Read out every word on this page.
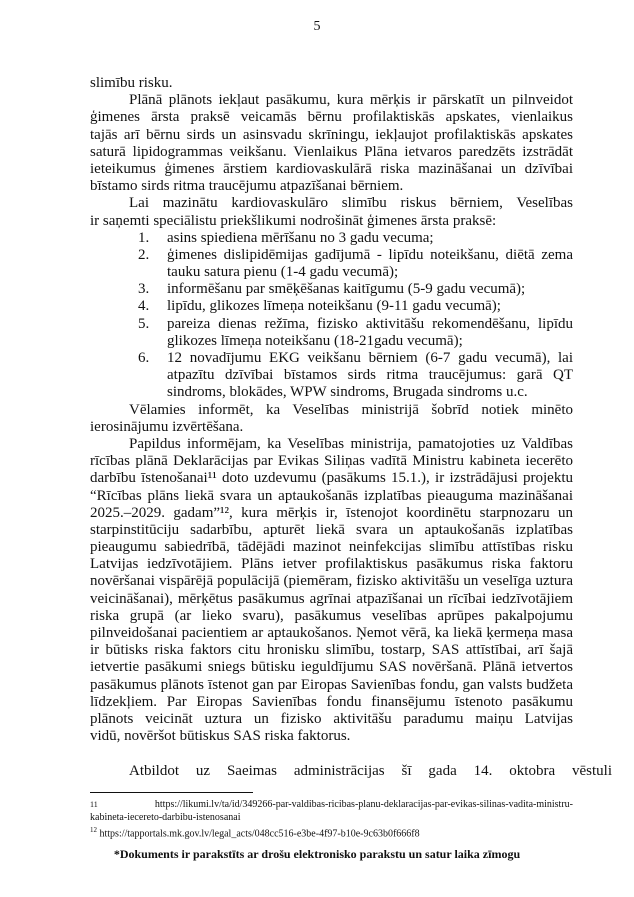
5
slimību risku.
Plānā plānots iekļaut pasākumu, kura mērķis ir pārskatīt un pilnveidot
ģimenes ārsta praksē veicamās bērnu profilaktiskās apskates, vienlaikus
tajās arī bērnu sirds un asinsvadu skrīningu, iekļaujot profilaktiskās apskates
saturā lipidogrammas veikšanu. Vienlaikus Plāna ietvaros paredzēts izstrādāt
ieteikumus ģimenes ārstiem kardiovaskulārā riska mazināšanai un dzīvībai
bīstamo sirds ritma traucējumu atpazīšanai bērniem.
Lai mazinātu kardiovaskulāro slimību riskus bērniem, Veselības
ir saņemti speciālistu priekšlikumi nodrošināt ģimenes ārsta praksē:
1. asins spiediena mērīšanu no 3 gadu vecuma;
2. ģimenes dislipidēmijas gadījumā - lipīdu noteikšanu, diētā zema
tauku satura pienu (1-4 gadu vecumā);
3. informēšanu par smēķēšanas kaitīgumu (5-9 gadu vecumā);
4. lipīdu, glikozes līmeņa noteikšanu (9-11 gadu vecumā);
5. pareiza dienas režīma, fizisko aktivitāšu rekomendēšanu, lipīdu
glikozes līmeņa noteikšanu (18-21gadu vecumā);
6. 12 novadījumu EKG veikšanu bērniem (6-7 gadu vecumā), lai
atpazītu dzīvībai bīstamos sirds ritma traucējumus: garā QT
sindroms, blokādes, WPW sindroms, Brugada sindroms u.c.
Vēlamies informēt, ka Veselības ministrijā šobrīd notiek minēto
ierosinājumu izvērtēšana.
Papildus informējam, ka Veselības ministrija, pamatojoties uz Valdības
rīcības plānā Deklarācijas par Evikas Siliņas vadītā Ministru kabineta iecerēto
darbību īstenošanai¹¹ doto uzdevumu (pasākums 15.1.), ir izstrādājusi projektu
“Rīcības plāns liekā svara un aptaukošanās izplatības pieauguma mazināšanai
2025.–2029. gadam”¹², kura mērķis ir, īstenojot koordinētu starpnozaru un
starpinstitūciju sadarbību, apturēt liekā svara un aptaukošanās izplatības
pieaugumu sabiedrībā, tādējādi mazinot neinfekcijas slimību attīstības risku
Latvijas iedzīvotājiem. Plāns ietver profilaktiskus pasākumus riska faktoru
novēršanai vispārējā populācijā (piemēram, fizisko aktivitāšu un veselīga uztura
veicināšanai), mērķētus pasākumus agrīnai atpazīšanai un rīcībai iedzīvotājiem
riska grupā (ar lieko svaru), pasākumus veselības aprūpes pakalpojumu
pilnveidošanai pacientiem ar aptaukošanos. Ņemot vērā, ka liekā ķermeņa masa
ir būtisks riska faktors citu hronisku slimību, tostarp, SAS attīstībai, arī šajā
ietvertie pasākumi sniegs būtisku ieguldījumu SAS novēršanā. Plānā ietvertos
pasākumus plānots īstenot gan par Eiropas Savienības fondu, gan valsts budžeta
līdzekļiem. Par Eiropas Savienības fondu finansējumu īstenoto pasākumu
plānots veicināt uztura un fizisko aktivitāšu paradumu maiņu Latvijas
vidū, novēršot būtiskus SAS riska faktorus.
Atbildot uz Saeimas administrācijas šī gada 14. oktobra vēstuli
11	https://likumi.lv/ta/id/349266-par-valdibas-ricibas-planu-deklaracijas-par-evikas-silinas-vadita-ministru-
kabineta-iecereto-darbibu-istenosanai
$^{12}$ https://tapportals.mk.gov.lv/legal_acts/048cc516-e3be-4f97-b10e-9c63b0f666f8
*Dokuments ir parakstīts ar drošu elektronisko parakstu un satur laika zīmogu
